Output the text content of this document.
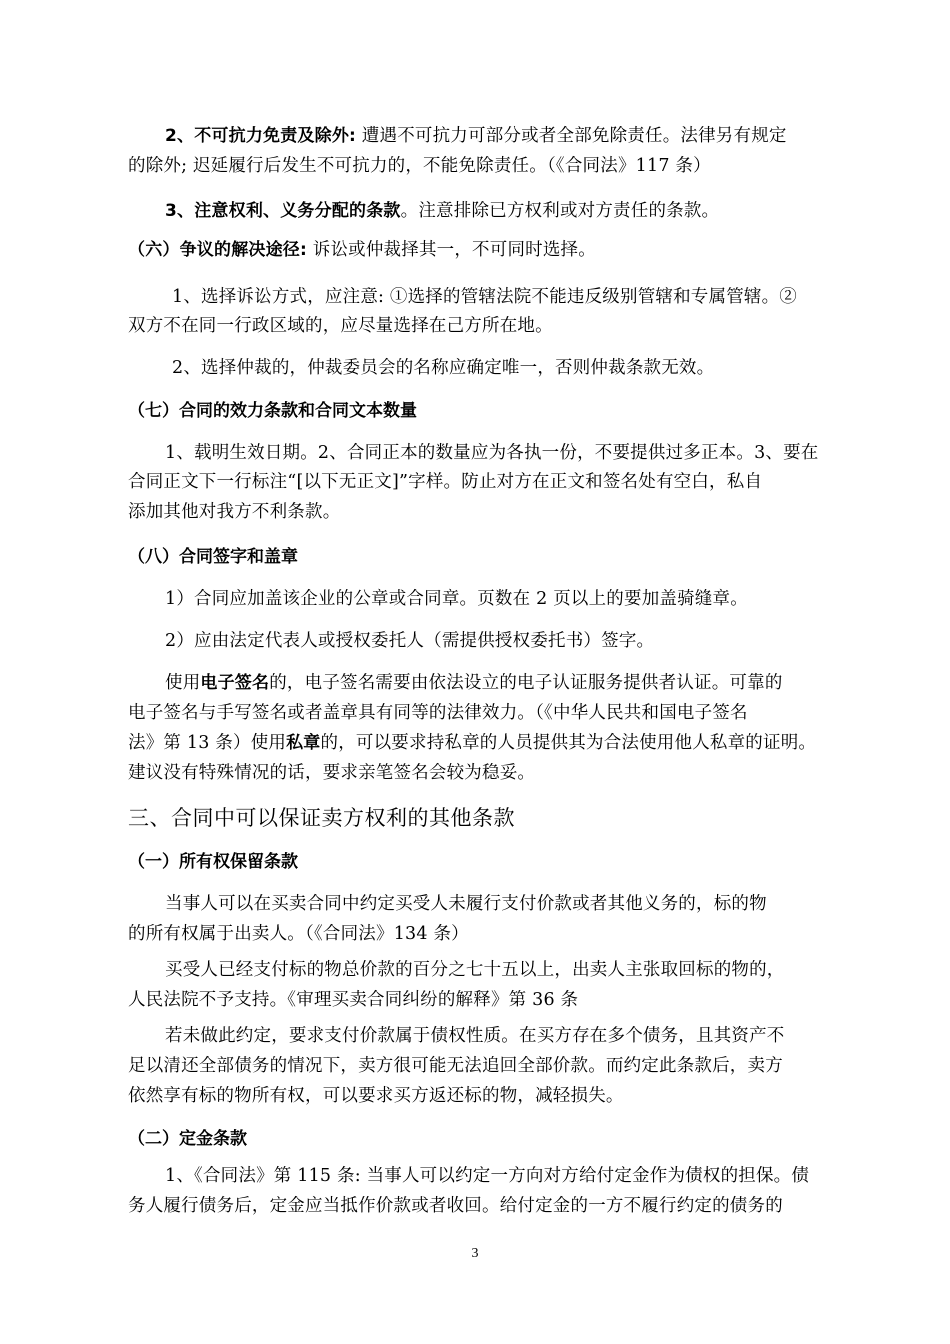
2、不可抗力免责及除外: 遭遇不可抗力可部分或者全部免除责任。法律另有规定
的除外; 迟延履行后发生不可抗力的，不能免除责任。（《合同法》117 条）
3、注意权利、义务分配的条款。注意排除已方权利或对方责任的条款。
（六）争议的解决途径: 诉讼或仲裁择其一，不可同时选择。
1、选择诉讼方式，应注意: ①选择的管辖法院不能违反级别管辖和专属管辖。②
双方不在同一行政区域的，应尽量选择在己方所在地。
2、选择仲裁的，仲裁委员会的名称应确定唯一，否则仲裁条款无效。
（七）合同的效力条款和合同文本数量
1、载明生效日期。2、合同正本的数量应为各执一份，不要提供过多正本。3、要在
合同正文下一行标注“[以下无正文]”字样。防止对方在正文和签名处有空白，私自
添加其他对我方不利条款。
（八）合同签字和盖章
1）合同应加盖该企业的公章或合同章。页数在 2 页以上的要加盖骑缝章。
2）应由法定代表人或授权委托人（需提供授权委托书）签字。
使用电子签名的，电子签名需要由依法设立的电子认证服务提供者认证。可靠的
电子签名与手写签名或者盖章具有同等的法律效力。（《中华人民共和国电子签名
法》第 13 条）使用私章的，可以要求持私章的人员提供其为合法使用他人私章的证明。
建议没有特殊情况的话，要求亲笔签名会较为稳妥。
三、合同中可以保证卖方权利的其他条款
（一）所有权保留条款
当事人可以在买卖合同中约定买受人未履行支付价款或者其他义务的，标的物
的所有权属于出卖人。（《合同法》134 条）
买受人已经支付标的物总价款的百分之七十五以上，出卖人主张取回标的物的，
人民法院不予支持。《审理买卖合同纠纷的解释》第 36 条
若未做此约定，要求支付价款属于债权性质。在买方存在多个债务，且其资产不
足以清还全部债务的情况下，卖方很可能无法追回全部价款。而约定此条款后，卖方
依然享有标的物所有权，可以要求买方返还标的物，减轻损失。
（二）定金条款
1、《合同法》第 115 条: 当事人可以约定一方向对方给付定金作为债权的担保。债
务人履行债务后，定金应当抵作价款或者收回。给付定金的一方不履行约定的债务的
3
